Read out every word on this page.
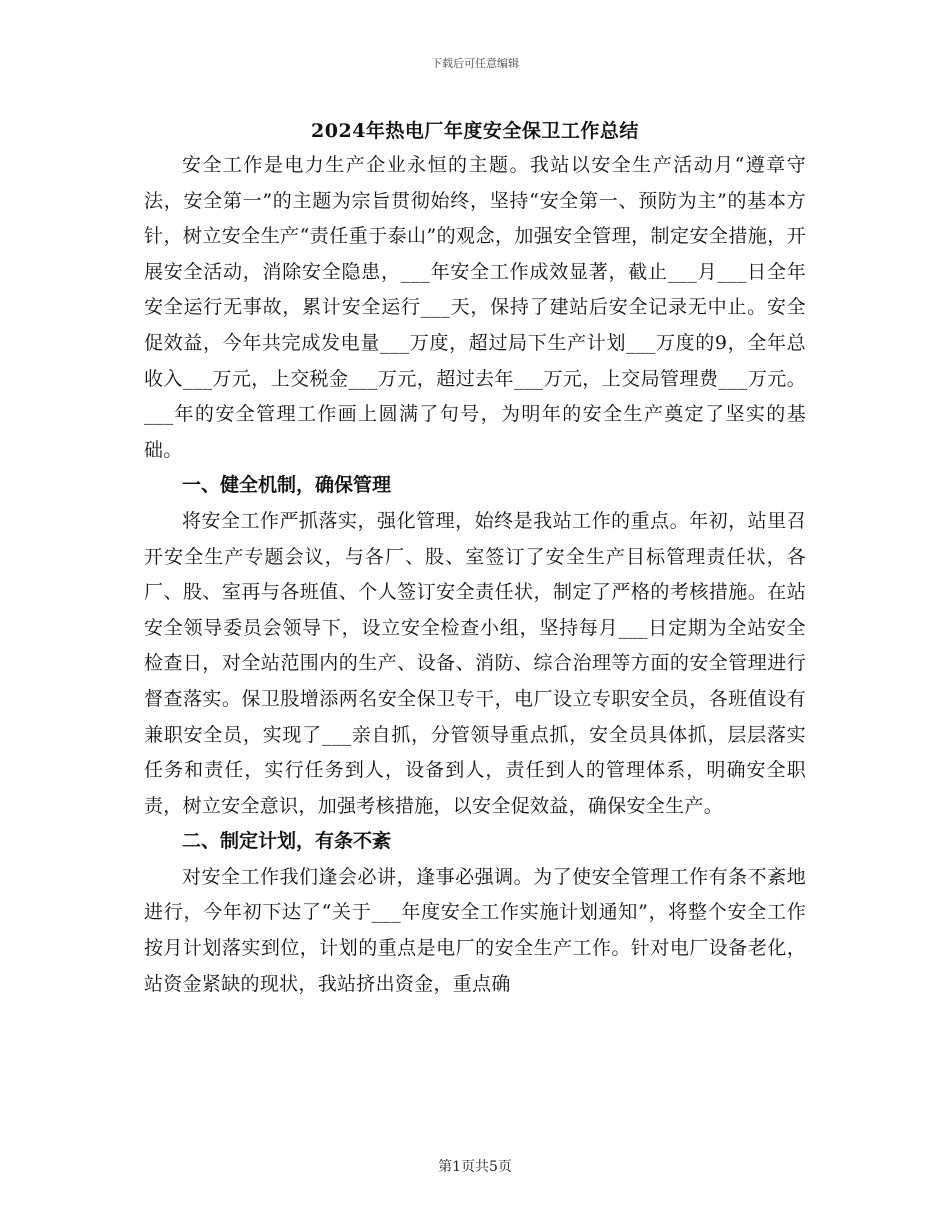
下载后可任意编辑
2024年热电厂年度安全保卫工作总结

安全工作是电力生产企业永恒的主题。我站以安全生产活动月“遵章守法，安全第一”的主题为宗旨贯彻始终，坚持“安全第一、预防为主”的基本方针，树立安全生产“责任重于泰山”的观念，加强安全管理，制定安全措施，开展安全活动，消除安全隐患，___年安全工作成效显著，截止___月___日全年安全运行无事故，累计安全运行___天，保持了建站后安全记录无中止。安全促效益，今年共完成发电量___万度，超过局下生产计划___万度的9，全年总收入___万元，上交税金___万元，超过去年___万元，上交局管理费___万元。___年的安全管理工作画上圆满了句号，为明年的安全生产奠定了坚实的基础。

一、健全机制，确保管理

将安全工作严抓落实，强化管理，始终是我站工作的重点。年初，站里召开安全生产专题会议，与各厂、股、室签订了安全生产目标管理责任状，各厂、股、室再与各班值、个人签订安全责任状，制定了严格的考核措施。在站安全领导委员会领导下，设立安全检查小组，坚持每月___日定期为全站安全检查日，对全站范围内的生产、设备、消防、综合治理等方面的安全管理进行督查落实。保卫股增添两名安全保卫专干，电厂设立专职安全员，各班值设有兼职安全员，实现了___亲自抓，分管领导重点抓，安全员具体抓，层层落实任务和责任，实行任务到人，设备到人，责任到人的管理体系，明确安全职责，树立安全意识，加强考核措施，以安全促效益，确保安全生产。

二、制定计划，有条不紊

对安全工作我们逢会必讲，逢事必强调。为了使安全管理工作有条不紊地进行，今年初下达了“关于___年度安全工作实施计划通知”，将整个安全工作按月计划落实到位，计划的重点是电厂的安全生产工作。针对电厂设备老化，站资金紧缺的现状，我站挤出资金，重点确

第1页共5页
